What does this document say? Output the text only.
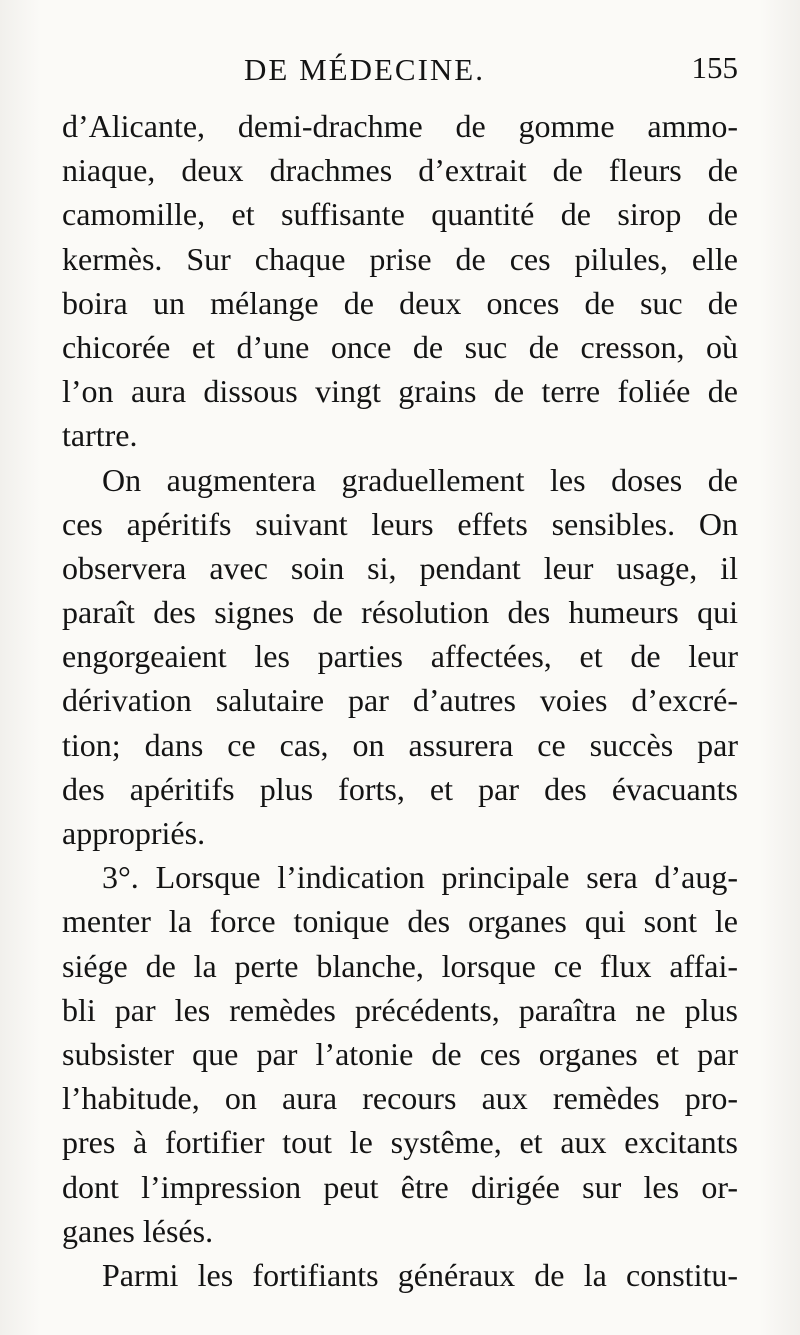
DE MÉDECINE.	155
d’Alicante, demi-drachme de gomme ammo-
niaque, deux drachmes d’extrait de fleurs de
camomille, et suffisante quantité de sirop de
kermès. Sur chaque prise de ces pilules, elle
boira un mélange de deux onces de suc de
chicorée et d’une once de suc de cresson, où
l’on aura dissous vingt grains de terre foliée de
tartre.
On augmentera graduellement les doses de
ces apéritifs suivant leurs effets sensibles. On
observera avec soin si, pendant leur usage, il
paraît des signes de résolution des humeurs qui
engorgeaient les parties affectées, et de leur
dérivation salutaire par d’autres voies d’excré-
tion; dans ce cas, on assurera ce succès par
des apéritifs plus forts, et par des évacuants
appropriés.
3°. Lorsque l’indication principale sera d’aug-
menter la force tonique des organes qui sont le
siége de la perte blanche, lorsque ce flux affai-
bli par les remèdes précédents, paraîtra ne plus
subsister que par l’atonie de ces organes et par
l’habitude, on aura recours aux remèdes pro-
pres à fortifier tout le systême, et aux excitants
dont l’impression peut être dirigée sur les or-
ganes lésés.
Parmi les fortifiants généraux de la constitu-
